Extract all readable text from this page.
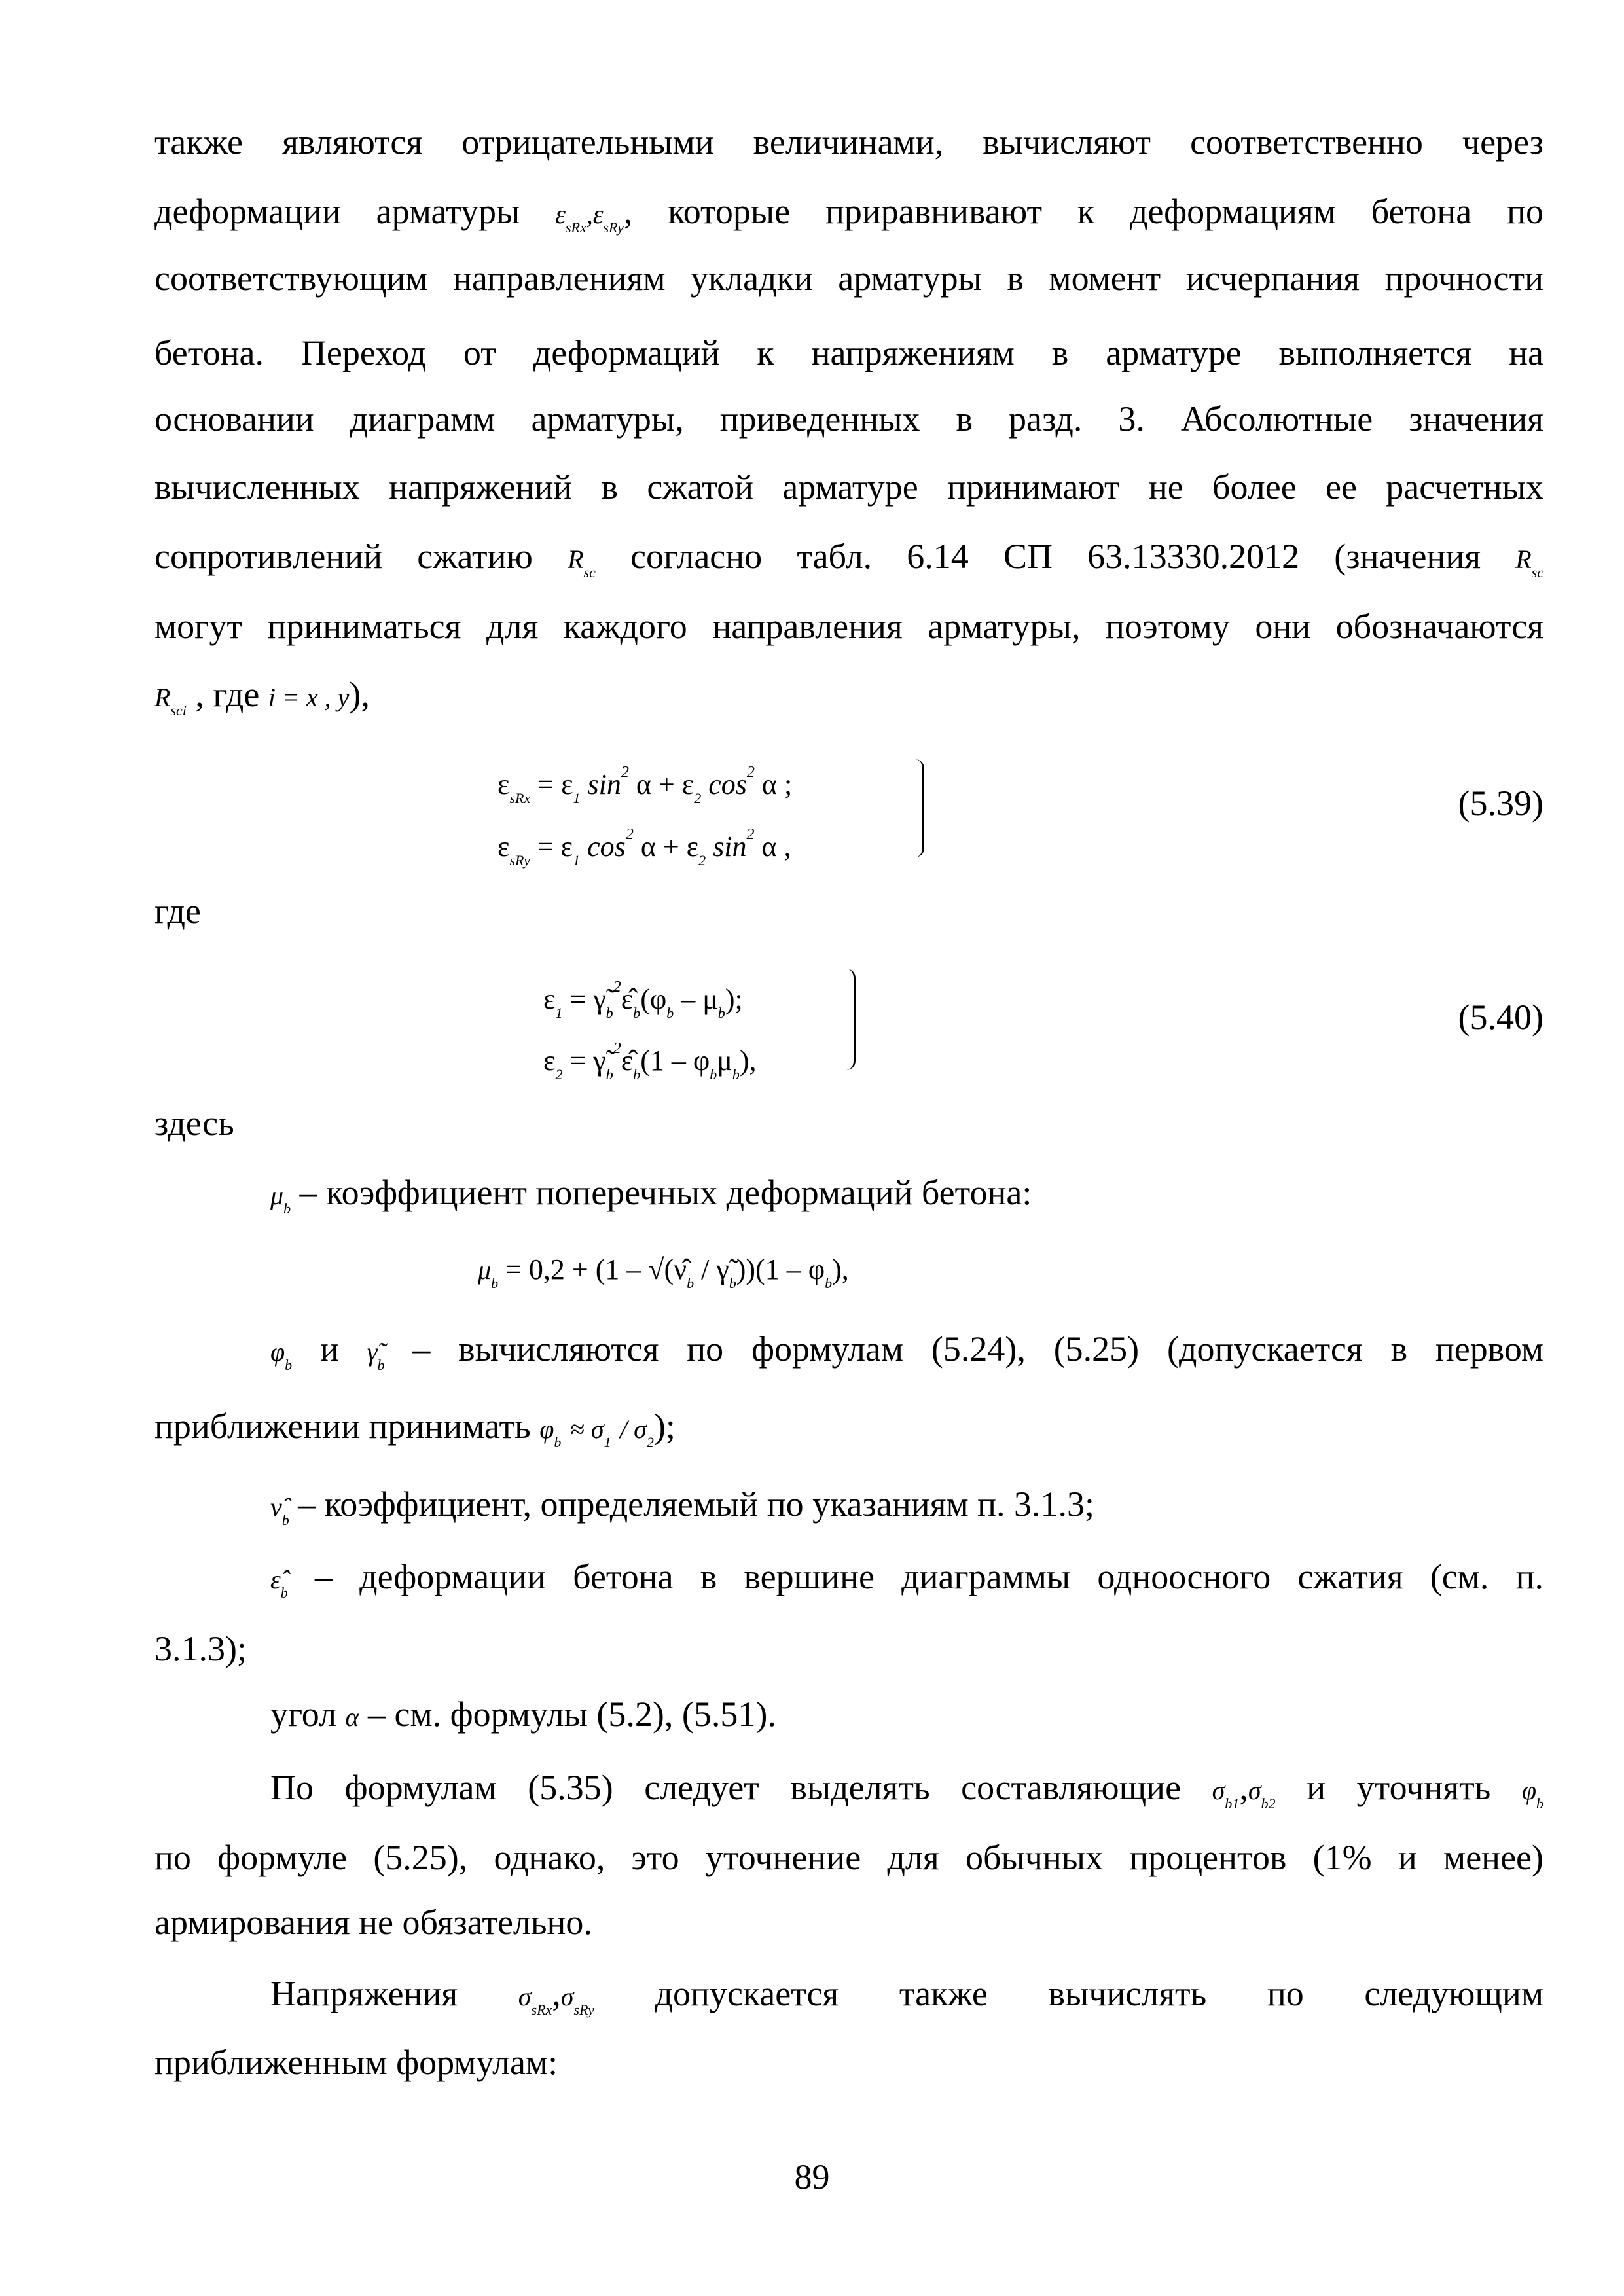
также являются отрицательными величинами, вычисляют соответственно через
деформации арматуры $\varepsilon_{sRx},\varepsilon_{sRy}$, которые приравнивают к деформациям бетона по
соответствующим направлениям укладки арматуры в момент исчерпания прочности
бетона. Переход от деформаций к напряжениям в арматуре выполняется на
основании диаграмм арматуры, приведенных в разд. 3. Абсолютные значения
вычисленных напряжений в сжатой арматуре принимают не более ее расчетных
сопротивлений сжатию $R_{sc}$ согласно табл. 6.14 СП 63.13330.2012 (значения $R_{sc}$
могут приниматься для каждого направления арматуры, поэтому они обозначаются
$R_{sci}$ , где i = x , y),
$\varepsilon_{sRx} = \varepsilon_1$ $\sin^2 \alpha + \varepsilon_2$ $\cos^2 \alpha$ ;
$\varepsilon_{sRy} = \varepsilon_1$ $\cos^2 \alpha + \varepsilon_2$ $\sin^2 \alpha$ ,
(5.39)
где
$\varepsilon_1$ = $\gammã_b^2\varepsilon̂_b(\varphi_b - \mu_b)$;
$\varepsilon_2$ = $\gammã_b^2\varepsilon̂_b(1 - \varphi_b\mu_b)$,
(5.40)
здесь
$\mu_b$ – коэффициент поперечных деформаций бетона:
$\mu_b = 0,2 + (1$ – $√(\nû_b$ / $\gammã_b))(1 - \varphi_b)$,
$\varphi_b$ и $\gammã_b$ – вычисляются по формулам (5.24), (5.25) (допускается в первом
приближении принимать $\varphi_b \approx \sigma_1 / \sigma_2$);
$\nû_b$ – коэффициент, определяемый по указаниям п. 3.1.3;
$\varepsilon̂_b$ – деформации бетона в вершине диаграммы одноосного сжатия (см. п.
3.1.3);
угол α – см. формулы (5.2), (5.51).
По формулам (5.35) следует выделять составляющие $\sigma_{b1},\sigma_{b2}$ и уточнять $\varphi_b$
по формуле (5.25), однако, это уточнение для обычных процентов (1% и менее)
армирования не обязательно.
Напряжения $\sigma_{sRx},\sigma_{sRy}$ допускается также вычислять по следующим
приближенным формулам:
89
